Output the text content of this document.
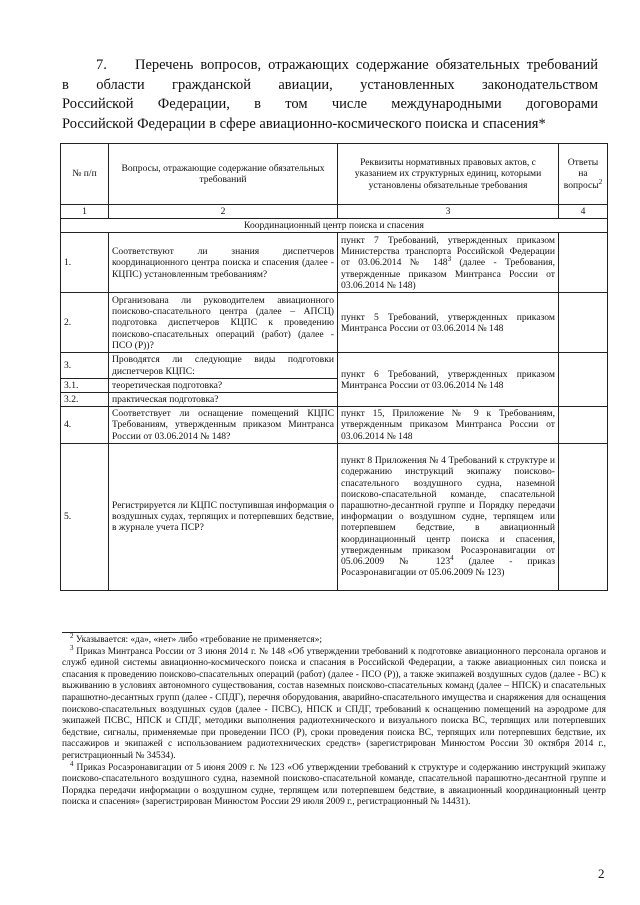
7.    Перечень вопросов, отражающих содержание обязательных требований
в области гражданской авиации, установленных законодательством
Российской Федерации, в том числе международными договорами
Российской Федерации в сфере авиационно-космического поиска и спасения*
№ п/п	Вопросы, отражающие содержание обязательных требований	Реквизиты нормативных правовых актов, с указанием их структурных единиц, которыми установлены обязательные требования	Ответы на вопросы$^2$
1	2	3	4
Координационный центр поиска и спасения			
1.	Соответствуют ли знания диспетчеров координационного центра поиска и спасения (далее - КЦПС) установленным требованиям?	пункт 7 Требований, утвержденных приказом Министерства транспорта Российской Федерации от 03.06.2014 № $148^3$ (далее - Требования, утвержденные приказом Минтранса России от 03.06.2014 № 148)	
2.	Организована ли руководителем авиационного поисково-спасательного центра (далее – АПСЦ) подготовка диспетчеров КЦПС к проведению поисково-спасательных операций (работ) (далее - ПСО (Р))?	пункт 5 Требований, утвержденных приказом Минтранса России от 03.06.2014 № 148	
3.	Проводятся ли следующие виды подготовки диспетчеров КЦПС:	пункт 6 Требований, утвержденных приказом Минтранса России от 03.06.2014 № 148	
3.1.	теоретическая подготовка?		
3.2.	практическая подготовка?		
4.	Соответствует ли оснащение помещений КЦПС Требованиям, утвержденным приказом Минтранса России от 03.06.2014 № 148?	пункт 15, Приложение № 9 к Требованиям, утвержденным приказом Минтранса России от 03.06.2014 № 148	
5.	Регистрируется ли КЦПС поступившая информация о воздушных судах, терпящих и потерпевших бедствие, в журнале учета ПСР?	пункт 8 Приложения № 4 Требований к структуре и содержанию инструкций экипажу поисково-спасательного воздушного судна, наземной поисково-спасательной команде, спасательной парашютно-десантной группе и Порядку передачи информации о воздушном судне, терпящем или потерпевшем бедствие, в авиационный координационный центр поиска и спасения, утвержденным приказом Росаэронавигации от 05.06.2009 № $123^4$ (далее - приказ Росаэронавигации от 05.06.2009 № 123)	

$^2$ Указывается: «да», «нет» либо «требование не применяется»;

$^3$ Приказ Минтранса России от 3 июня 2014 г. № 148 «Об утверждении требований к подготовке авиационного персонала органов и служб единой системы авиационно-космического поиска и спасания в Российской Федерации, а также авиационных сил поиска и спасания к проведению поисково-спасательных операций (работ) (далее - ПСО (Р)), а также экипажей воздушных судов (далее - ВС) к выживанию в условиях автономного существования, состав наземных поисково-спасательных команд (далее – НПСК) и спасательных парашютно-десантных групп (далее - СПДГ), перечня оборудования, аварийно-спасательного имущества и снаряжения для оснащения поисково-спасательных воздушных судов (далее - ПСВС), НПСК и СПДГ, требований к оснащению помещений на аэродроме для экипажей ПСВС, НПСК и СПДГ, методики выполнения радиотехнического и визуального поиска ВС, терпящих или потерпевших бедствие, сигналы, применяемые при проведении ПСО (Р), сроки проведения поиска ВС, терпящих или потерпевших бедствие, их пассажиров и экипажей с использованием радиотехнических средств» (зарегистрирован Минюстом России 30 октября 2014 г., регистрационный № 34534).

$^4$ Приказ Росаэронавигации от 5 июня 2009 г. № 123 «Об утверждении требований к структуре и содержанию инструкций экипажу поисково-спасательного воздушного судна, наземной поисково-спасательной команде, спасательной парашютно-десантной группе и Порядка передачи информации о воздушном судне, терпящем или потерпевшем бедствие, в авиационный координационный центр поиска и спасения» (зарегистрирован Минюстом России 29 июля 2009 г., регистрационный № 14431).

2
